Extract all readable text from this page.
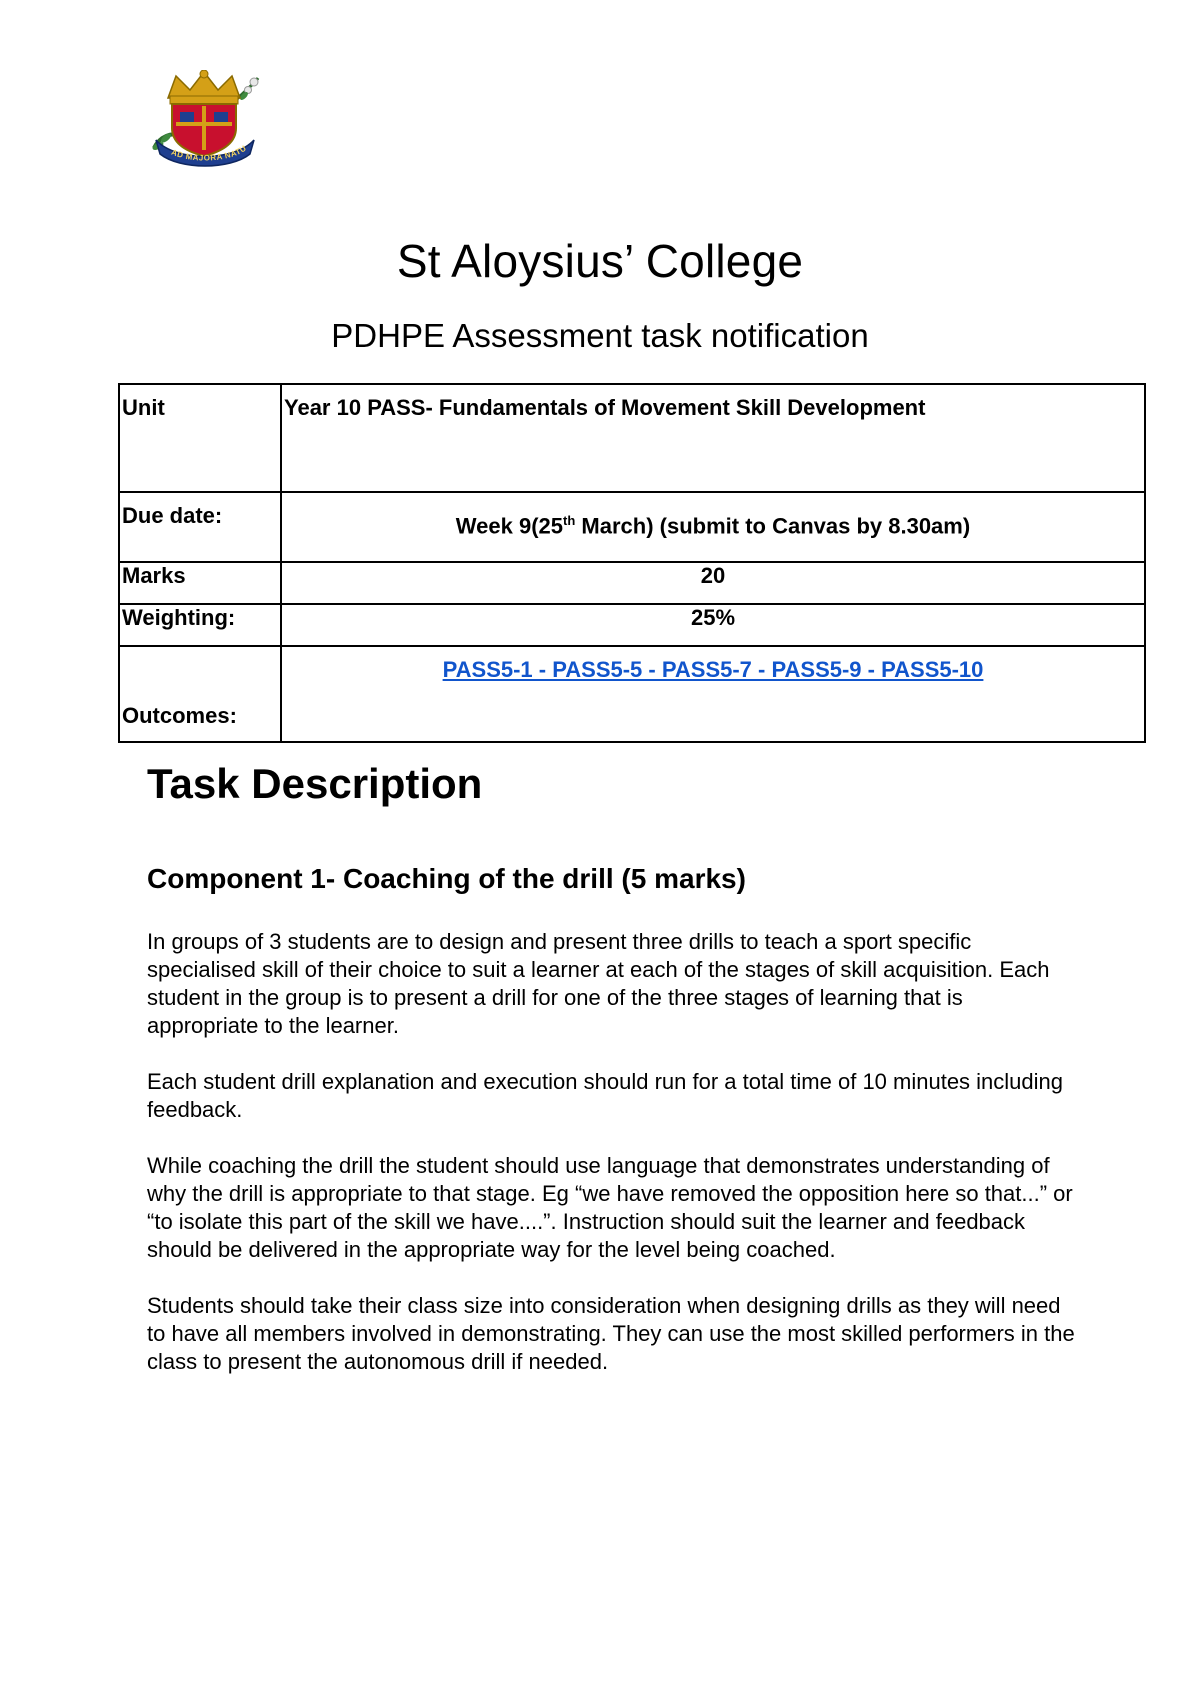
AD MAJORA NATU
St Aloysius’ College
PDHPE Assessment task notification
Unit	Year 10 PASS- Fundamentals of Movement Skill Development
Due date:	Week 9(25th March) (submit to Canvas by 8.30am)
Marks	20
Weighting:	25%
Outcomes:	PASS5-1 - PASS5-5 - PASS5-7 - PASS5-9 - PASS5-10
Task Description
Component 1- Coaching of the drill (5 marks)

In groups of 3 students are to design and present three drills to teach a sport specific specialised skill of their choice to suit a learner at each of the stages of skill acquisition. Each student in the group is to present a drill for one of the three stages of learning that is appropriate to the learner.

Each student drill explanation and execution should run for a total time of 10 minutes including feedback.

While coaching the drill the student should use language that demonstrates understanding of why the drill is appropriate to that stage. Eg “we have removed the opposition here so that...” or “to isolate this part of the skill we have....”. Instruction should suit the learner and feedback should be delivered in the appropriate way for the level being coached.

Students should take their class size into consideration when designing drills as they will need to have all members involved in demonstrating. They can use the most skilled performers in the class to present the autonomous drill if needed.
